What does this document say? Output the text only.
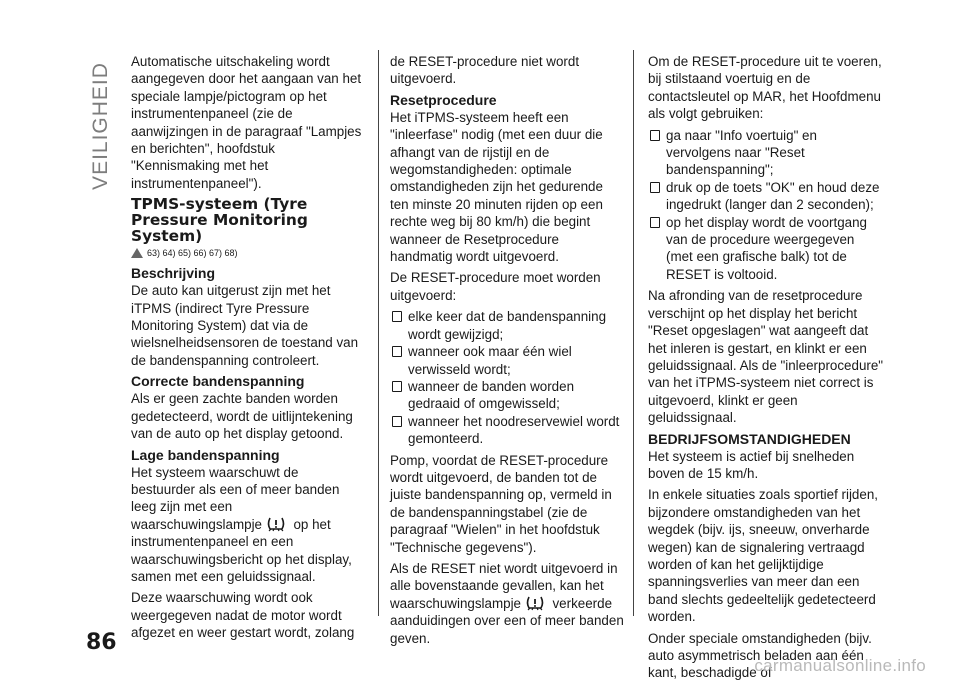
VEILIGHEID

Automatische uitschakeling wordt aangegeven door het aangaan van het speciale lampje/pictogram op het instrumentenpaneel (zie de aanwijzingen in de paragraaf "Lampjes en berichten", hoofdstuk "Kennismaking met het instrumentenpaneel").

TPMS-systeem (Tyre Pressure Monitoring System)
63) 64) 65) 66) 67) 68)
Beschrijving

De auto kan uitgerust zijn met het iTPMS (indirect Tyre Pressure Monitoring System) dat via de wielsnelheidsensoren de toestand van de bandenspanning controleert.

Correcte bandenspanning

Als er geen zachte banden worden gedetecteerd, wordt de uitlijntekening van de auto op het display getoond.

Lage bandenspanning

Het systeem waarschuwt de bestuurder als een of meer banden leeg zijn met een waarschuwingslampje op het instrumentenpaneel en een waarschuwingsbericht op het display, samen met een geluidssignaal.

Deze waarschuwing wordt ook weergegeven nadat de motor wordt afgezet en weer gestart wordt, zolang

de RESET-procedure niet wordt uitgevoerd.

Resetprocedure

Het iTPMS-systeem heeft een "inleerfase" nodig (met een duur die afhangt van de rijstijl en de wegomstandigheden: optimale omstandigheden zijn het gedurende ten minste 20 minuten rijden op een rechte weg bij 80 km/h) die begint wanneer de Resetprocedure handmatig wordt uitgevoerd.

De RESET-procedure moet worden uitgevoerd:

elke keer dat de bandenspanning wordt gewijzigd;
wanneer ook maar één wiel verwisseld wordt;
wanneer de banden worden gedraaid of omgewisseld;
wanneer het noodreservewiel wordt gemonteerd.

Pomp, voordat de RESET-procedure wordt uitgevoerd, de banden tot de juiste bandenspanning op, vermeld in de bandenspanningstabel (zie de paragraaf "Wielen" in het hoofdstuk "Technische gegevens").

Als de RESET niet wordt uitgevoerd in alle bovenstaande gevallen, kan het waarschuwingslampje verkeerde aanduidingen over een of meer banden geven.

Om de RESET-procedure uit te voeren, bij stilstaand voertuig en de contactsleutel op MAR, het Hoofdmenu als volgt gebruiken:

ga naar "Info voertuig" en vervolgens naar "Reset bandenspanning";
druk op de toets "OK" en houd deze ingedrukt (langer dan 2 seconden);
op het display wordt de voortgang van de procedure weergegeven (met een grafische balk) tot de RESET is voltooid.

Na afronding van de resetprocedure verschijnt op het display het bericht "Reset opgeslagen" wat aangeeft dat het inleren is gestart, en klinkt er een geluidssignaal. Als de "inleerprocedure" van het iTPMS-systeem niet correct is uitgevoerd, klinkt er geen geluidssignaal.

BEDRIJFSOMSTANDIGHEDEN

Het systeem is actief bij snelheden boven de 15 km/h.

In enkele situaties zoals sportief rijden, bijzondere omstandigheden van het wegdek (bijv. ijs, sneeuw, onverharde wegen) kan de signalering vertraagd worden of kan het gelijktijdige spanningsverlies van meer dan een band slechts gedeeltelijk gedetecteerd worden.

Onder speciale omstandigheden (bijv. auto asymmetrisch beladen aan één kant, beschadigde of

86
carmanualsonline.info
